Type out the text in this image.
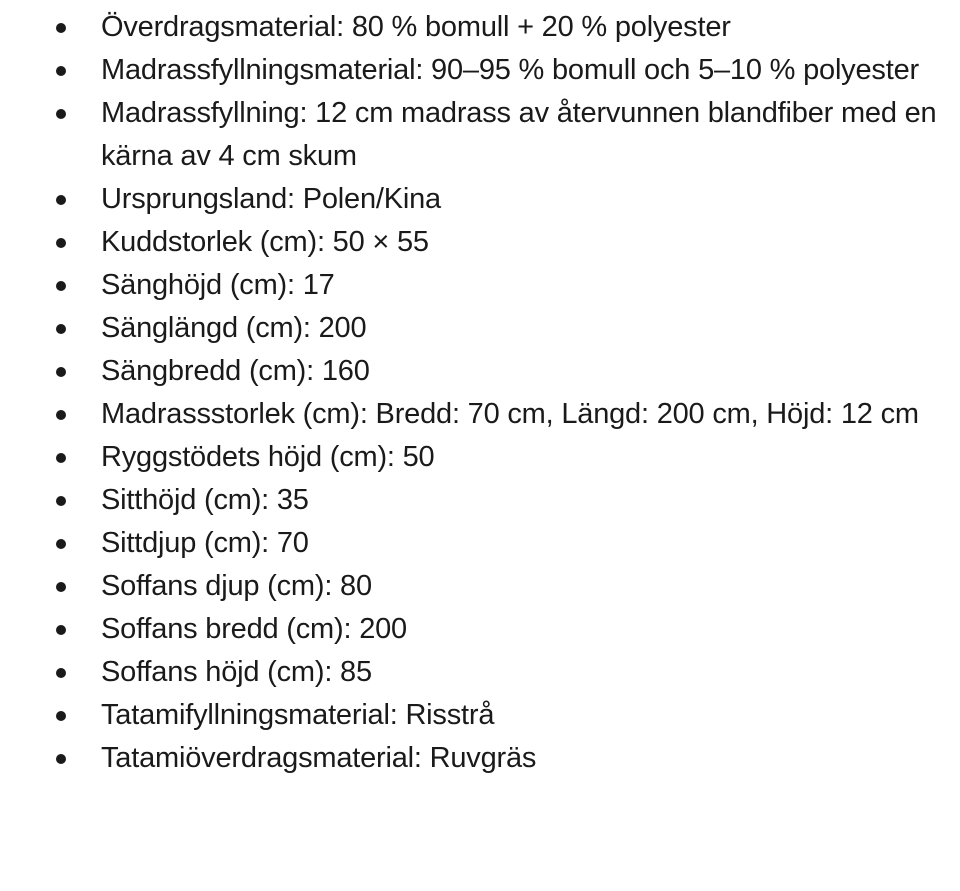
Överdragsmaterial: 80 % bomull + 20 % polyester
Madrassfyllningsmaterial: 90–95 % bomull och 5–10 % polyester
Madrassfyllning: 12 cm madrass av återvunnen blandfiber med en kärna av 4 cm skum
Ursprungsland: Polen/Kina
Kuddstorlek (cm): 50 × 55
Sänghöjd (cm): 17
Sänglängd (cm): 200
Sängbredd (cm): 160
Madrassstorlek (cm): Bredd: 70 cm, Längd: 200 cm, Höjd: 12 cm
Ryggstödets höjd (cm): 50
Sitthöjd (cm): 35
Sittdjup (cm): 70
Soffans djup (cm): 80
Soffans bredd (cm): 200
Soffans höjd (cm): 85
Tatamifyllningsmaterial: Risstrå
Tatamiöverdragsmaterial: Ruvgräs
